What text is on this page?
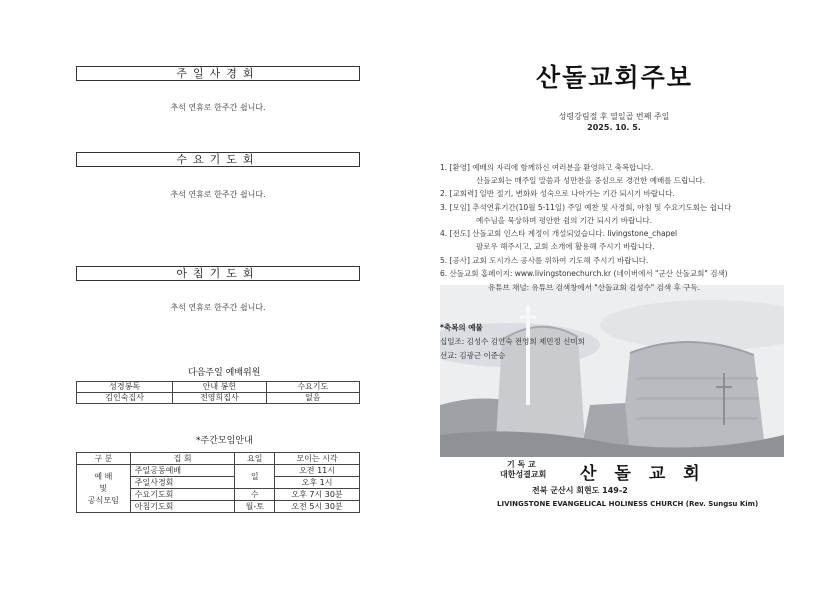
주일사경회
추석 연휴로 한주간 쉽니다.
수요기도회
추석 연휴로 한주간 쉽니다.
아침기도회
추석 연휴로 한주간 쉽니다.
다음주일 예배위원
성경봉독	안내 봉헌	수요기도
김인숙집사	전영희집사	없음
*주간모임안내
구 분	집 회	요일	모이는 시각

예 배
및
공식모임	주일공동예배	일	오전 11시
	주일사경회		오후 1시
	수요기도회	수	오후 7시 30분
	아침기도회	월-토	오전 5시 30분
산돌교회주보
성령강림절 후 열일곱 번째 주일
2025. 10. 5.
1. [환영] 예배의 자리에 함께하신 여러분을 환영하고 축복합니다.
산돌교회는 매주일 말씀과 성만찬을 중심으로 경건한 예배를 드립니다.
2. [교회력] 일반 절기, 변화와 성숙으로 나아가는 기간 되시기 바랍니다.
3. [모임] 추석연휴기간(10월 5-11일) 주일 예찬 및 사경회, 아침 및 수요기도회는 쉽니다
예수님을 묵상하며 평안한 쉼의 기간 되시기 바랍니다.
4. [전도] 산돌교회 인스타 계정이 개설되었습니다. livingstone_chapel
팔로우 해주시고, 교회 소개에 활용해 주시기 바랍니다.
5. [공사] 교회 도시가스 공사를 위하여 기도해 주시기 바랍니다.
6. 산돌교회 홈페이지: www.livingstonechurch.kr (네이버에서 "군산 산돌교회" 검색)
유튜브 채널: 유튜브 검색창에서 "산돌교회 김성수" 검색 후 구독.
*축복의 예물
십일조: 김성수 김인숙 전영희 제민정 신미희
선교: 김광근 이준승
기 독 교
대한성결교회 산돌교회
전북 군산시 회현도 149-2
LIVINGSTONE EVANGELICAL HOLINESS CHURCH (Rev. Sungsu Kim)
